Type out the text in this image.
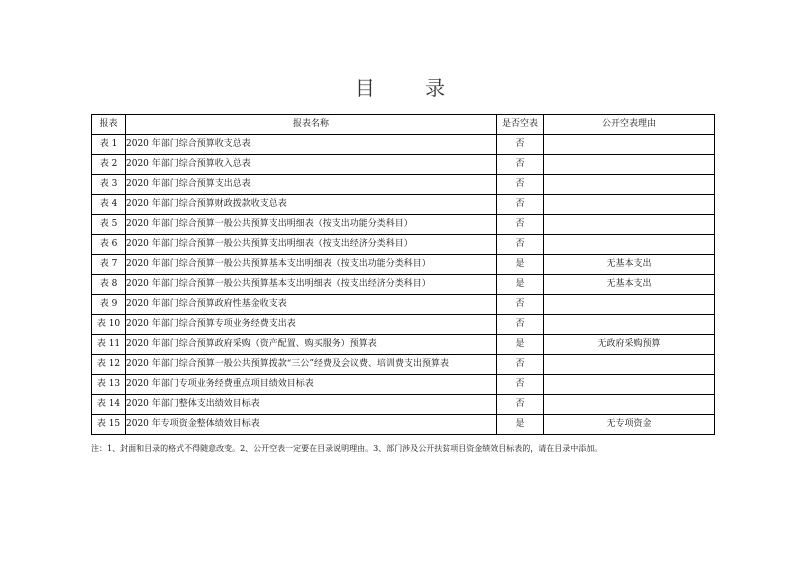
目 录
报表	报表名称	是否空表	公开空表理由
表 1	2020 年部门综合预算收支总表	否	
表 2	2020 年部门综合预算收入总表	否	
表 3	2020 年部门综合预算支出总表	否	
表 4	2020 年部门综合预算财政拨款收支总表	否	
表 5	2020 年部门综合预算一般公共预算支出明细表（按支出功能分类科目）	否	
表 6	2020 年部门综合预算一般公共预算支出明细表（按支出经济分类科目）	否	
表 7	2020 年部门综合预算一般公共预算基本支出明细表（按支出功能分类科目）	是	无基本支出
表 8	2020 年部门综合预算一般公共预算基本支出明细表（按支出经济分类科目）	是	无基本支出
表 9	2020 年部门综合预算政府性基金收支表	否	
表 10	2020 年部门综合预算专项业务经费支出表	否	
表 11	2020 年部门综合预算政府采购（资产配置、购买服务）预算表	是	无政府采购预算
表 12	2020 年部门综合预算一般公共预算拨款“三公”经费及会议费、培训费支出预算表	否	
表 13	2020 年部门专项业务经费重点项目绩效目标表	否	
表 14	2020 年部门整体支出绩效目标表	否	
表 15	2020 年专项资金整体绩效目标表	是	无专项资金
注：1、封面和目录的格式不得随意改变。2、公开空表一定要在目录说明理由。3、部门涉及公开扶贫项目资金绩效目标表的，请在目录中添加。
